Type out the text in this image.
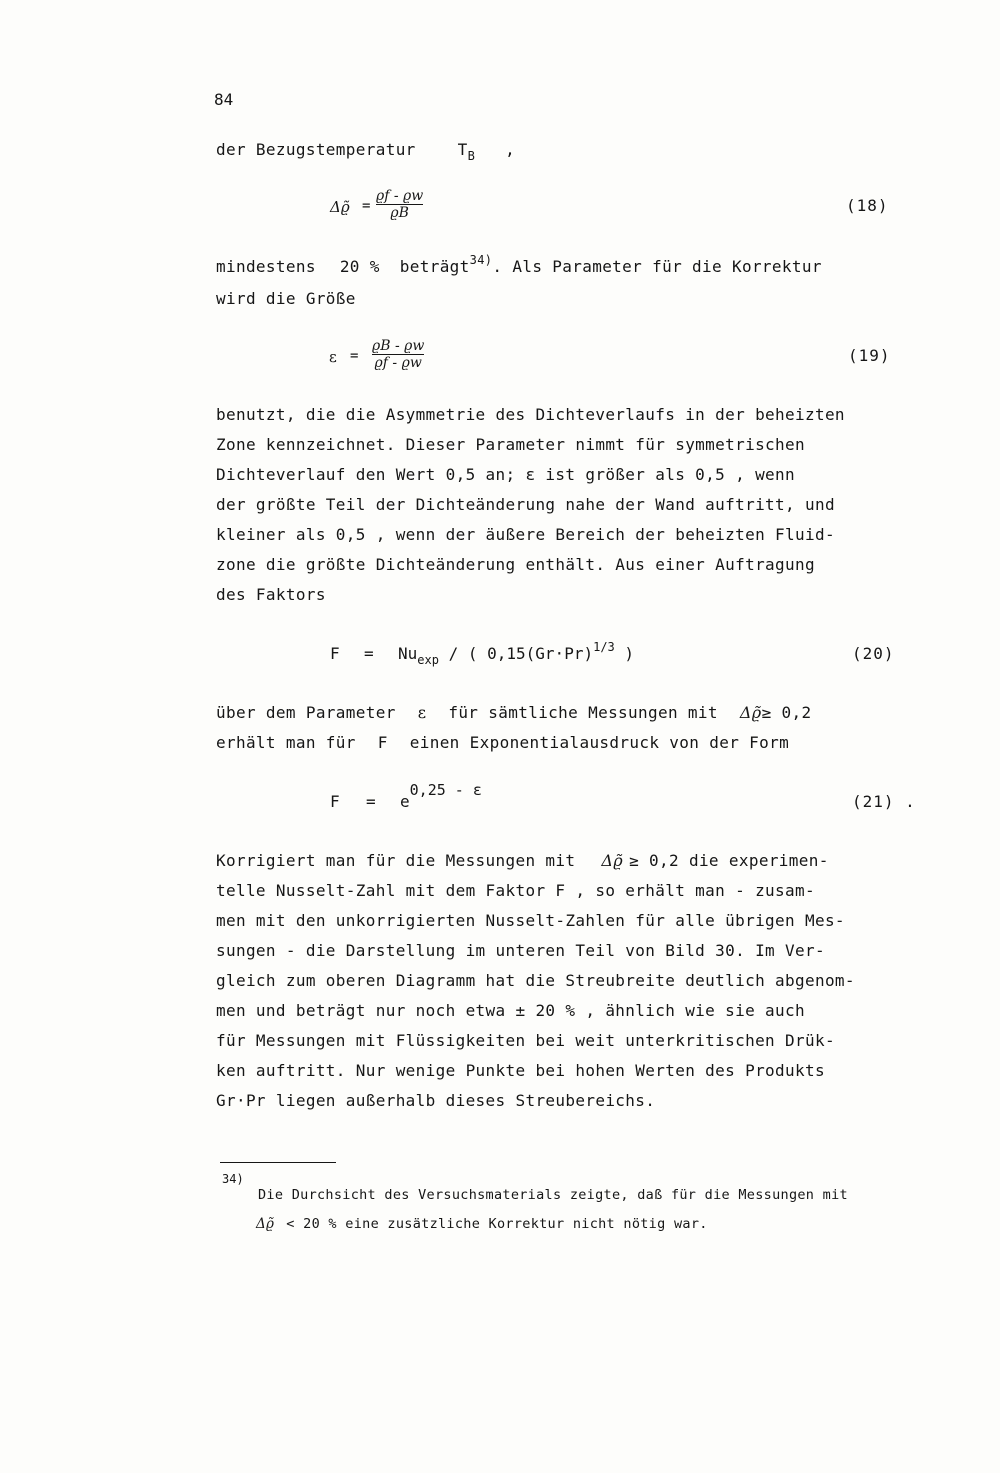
84
der Bezugstemperatur	$T_B$ ,
Δϱ̃ =
ϱf - ϱw
ϱB	(18)
mindestens 20 % beträgt$^{34)}$. Als Parameter für die Korrektur
wird die Größe
ε =
ϱB - ϱw
ϱf - ϱw	(19)
benutzt, die die Asymmetrie des Dichteverlaufs in der beheizten
Zone kennzeichnet. Dieser Parameter nimmt für symmetrischen
Dichteverlauf den Wert 0,5 an; ε ist größer als 0,5 , wenn
der größte Teil der Dichteänderung nahe der Wand auftritt, und
kleiner als 0,5 , wenn der äußere Bereich der beheizten Fluid-
zone die größte Dichteänderung enthält. Aus einer Auftragung
des Faktors
$F = Nu_{exp}$ / ( $0,15(Gr\cdot Pr)^{1/3}$ )	(20)
über dem Parameter ε für sämtliche Messungen mit Δϱ̃≥ 0,2
erhält man für F einen Exponentialausdruck von der Form
F = e0,25 - ε
(21) .
Korrigiert man für die Messungen mit Δϱ̃ ≥ 0,2 die experimen-
telle Nusselt-Zahl mit dem Faktor F , so erhält man - zusam-
men mit den unkorrigierten Nusselt-Zahlen für alle übrigen Mes-
sungen - die Darstellung im unteren Teil von Bild 30. Im Ver-
gleich zum oberen Diagramm hat die Streubreite deutlich abgenom-
men und beträgt nur noch etwa ± 20 % , ähnlich wie sie auch
für Messungen mit Flüssigkeiten bei weit unterkritischen Drük-
ken auftritt. Nur wenige Punkte bei hohen Werten des Produkts
Gr·Pr liegen außerhalb dieses Streubereichs.
34)
Die Durchsicht des Versuchsmaterials zeigte, daß für die Messungen mit
Δϱ̃ < 20 % eine zusätzliche Korrektur nicht nötig war.
